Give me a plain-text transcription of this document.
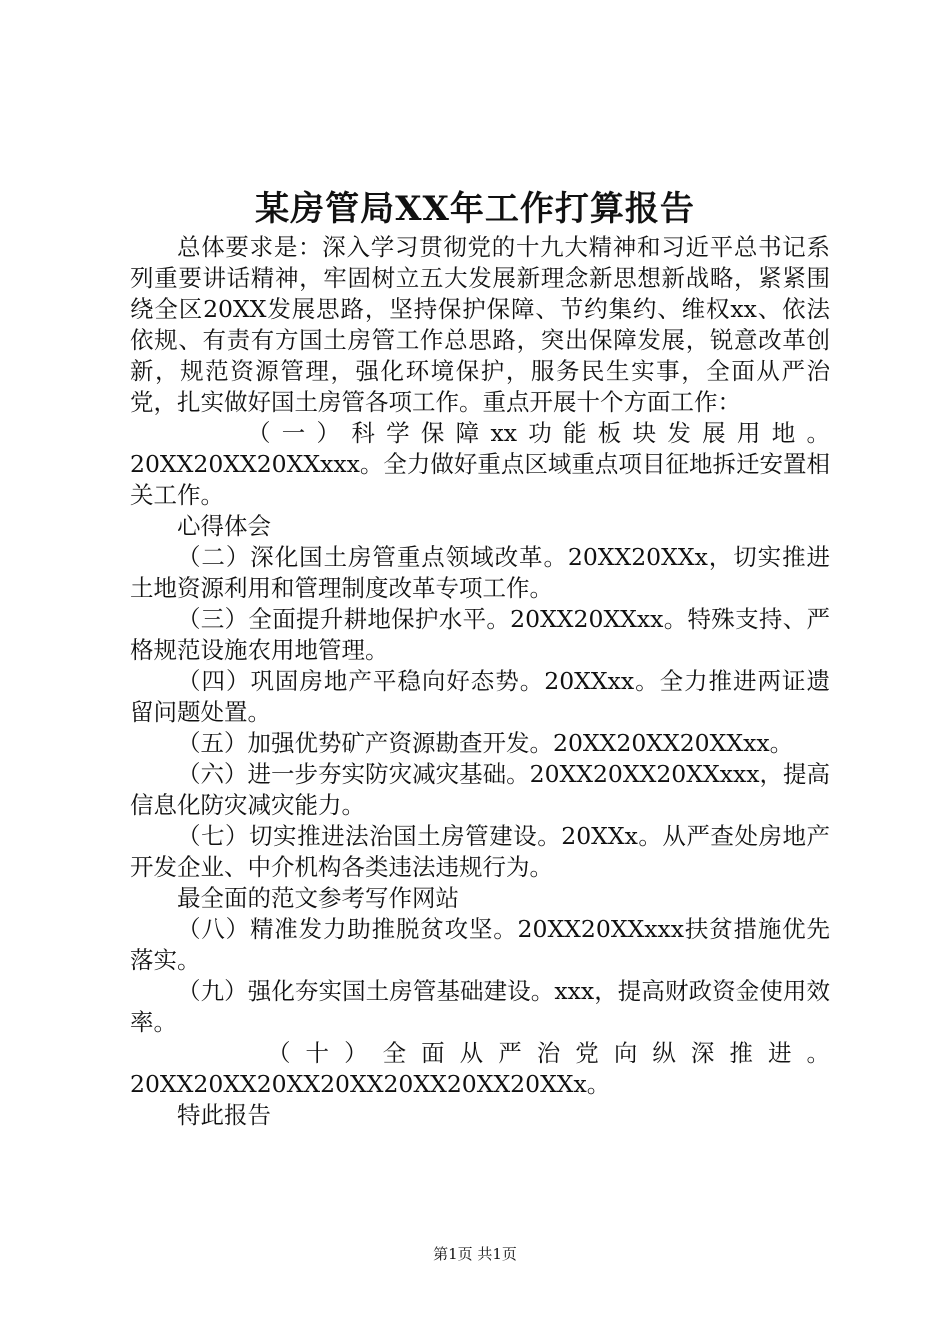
某房管局XX年工作打算报告

总体要求是：深入学习贯彻党的十九大精神和习近平总书记系列重要讲话精神，牢固树立五大发展新理念新思想新战略，紧紧围绕全区20XX发展思路，坚持保护保障、节约集约、维权xx、依法依规、有责有方国土房管工作总思路，突出保障发展，锐意改革创新，规范资源管理，强化环境保护，服务民生实事，全面从严治党，扎实做好国土房管各项工作。重点开展十个方面工作：

（一）科学保障xx功能板块发展用地。

20XX20XX20XXxxx。全力做好重点区域重点项目征地拆迁安置相关工作。

心得体会

（二）深化国土房管重点领域改革。20XX20XXx，切实推进土地资源利用和管理制度改革专项工作。

（三）全面提升耕地保护水平。20XX20XXxx。特殊支持、严格规范设施农用地管理。

（四）巩固房地产平稳向好态势。20XXxx。全力推进两证遗留问题处置。

（五）加强优势矿产资源勘查开发。20XX20XX20XXxx。

（六）进一步夯实防灾减灾基础。20XX20XX20XXxxx，提高信息化防灾减灾能力。

（七）切实推进法治国土房管建设。20XXx。从严查处房地产开发企业、中介机构各类违法违规行为。

最全面的范文参考写作网站

（八）精准发力助推脱贫攻坚。20XX20XXxxx扶贫措施优先落实。

（九）强化夯实国土房管基础建设。xxx，提高财政资金使用效率。

（十）全面从严治党向纵深推进。

20XX20XX20XX20XX20XX20XX20XXx。

特此报告

第1页 共1页
